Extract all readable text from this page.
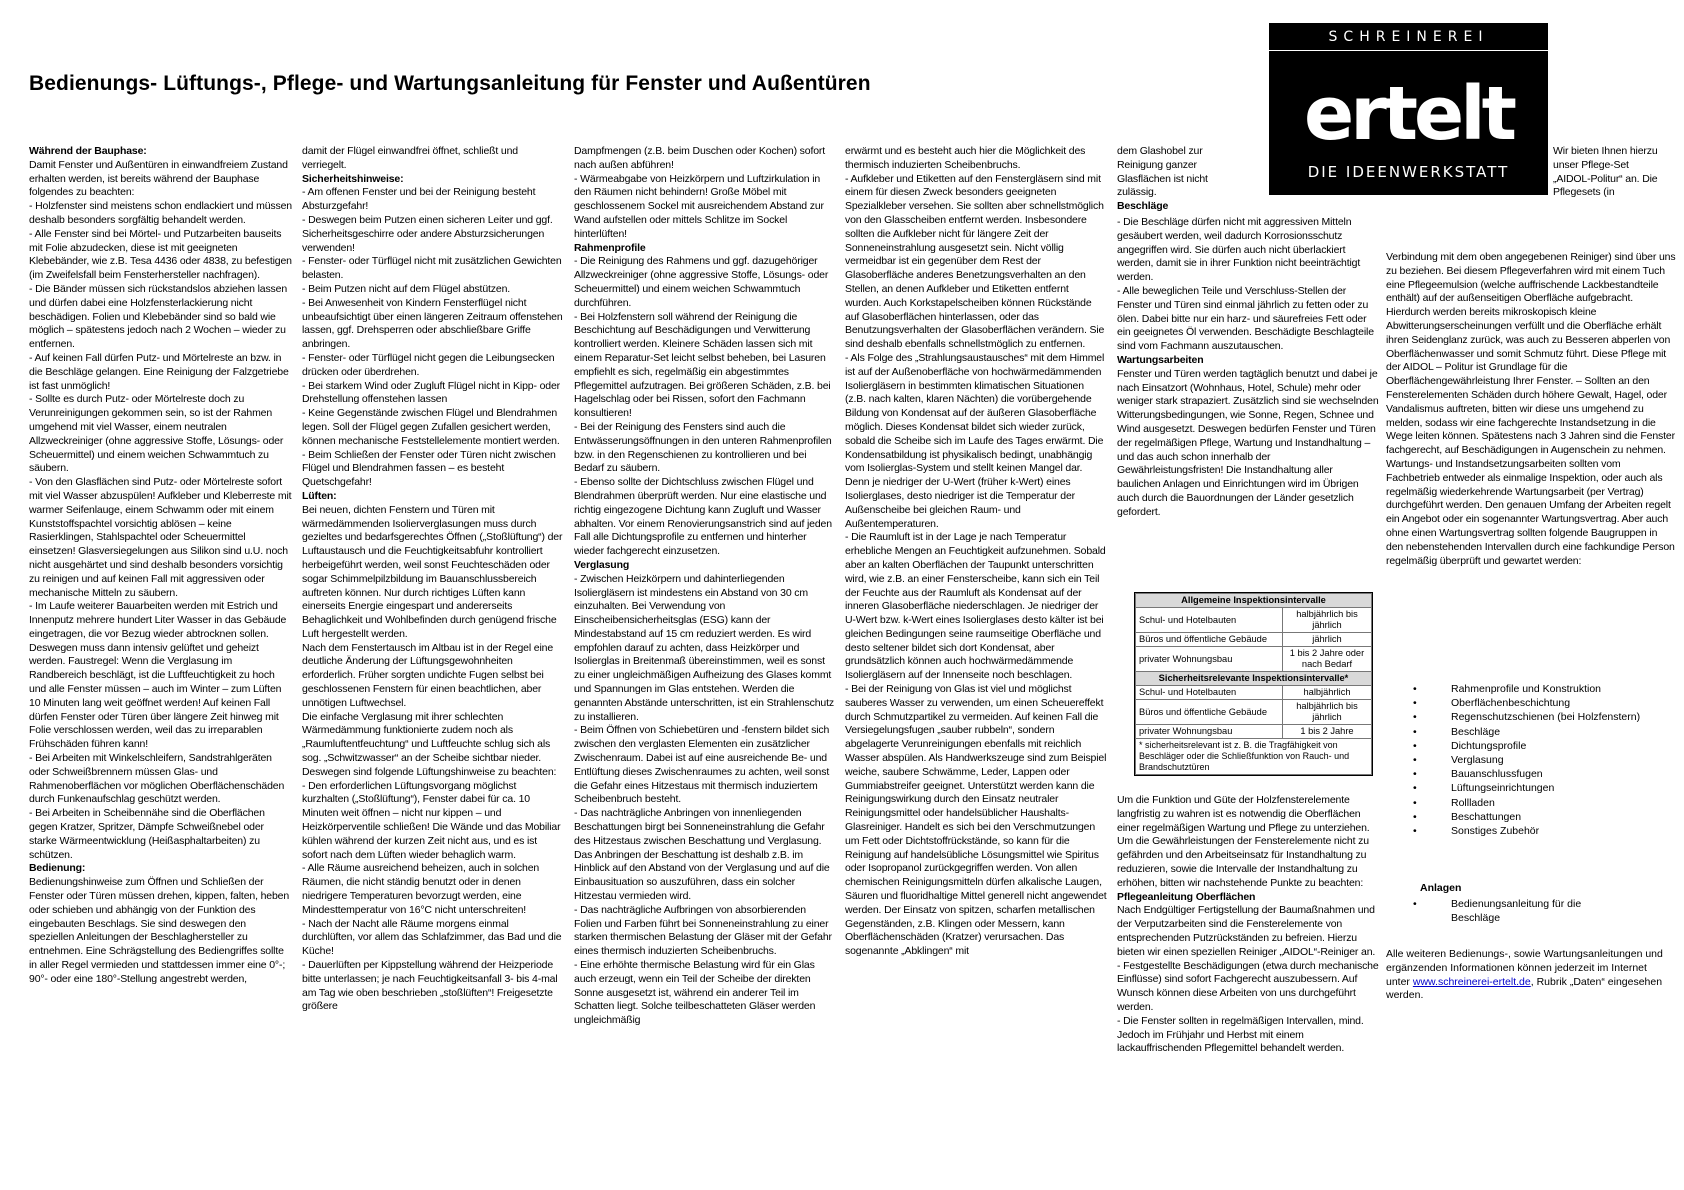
Bedienungs- Lüftungs-, Pflege- und Wartungsanleitung für Fenster und Außentüren
SCHREINEREI
ertelt
DIE IDEENWERKSTATT

Während der Bauphase:

Damit Fenster und Außentüren in einwandfreiem Zustand erhalten werden, ist bereits während der Bauphase folgendes zu beachten:

- Holzfenster sind meistens schon endlackiert und müssen deshalb besonders sorgfältig behandelt werden.

- Alle Fenster sind bei Mörtel- und Putzarbeiten bauseits mit Folie abzudecken, diese ist mit geeigneten Klebebänder, wie z.B. Tesa 4436 oder 4838, zu befestigen (im Zweifelsfall beim Fensterhersteller nachfragen).

- Die Bänder müssen sich rückstandslos abziehen lassen und dürfen dabei eine Holzfensterlackierung nicht beschädigen. Folien und Klebebänder sind so bald wie möglich – spätestens jedoch nach 2 Wochen – wieder zu entfernen.

- Auf keinen Fall dürfen Putz- und Mörtelreste an bzw. in die Beschläge gelangen. Eine Reinigung der Falzgetriebe ist fast unmöglich!

- Sollte es durch Putz- oder Mörtelreste doch zu Verunreinigungen gekommen sein, so ist der Rahmen umgehend mit viel Wasser, einem neutralen Allzweckreiniger (ohne aggressive Stoffe, Lösungs- oder Scheuermittel) und einem weichen Schwammtuch zu säubern.

- Von den Glasflächen sind Putz- oder Mörtelreste sofort mit viel Wasser abzuspülen! Aufkleber und Kleberreste mit warmer Seifenlauge, einem Schwamm oder mit einem Kunststoffspachtel vorsichtig ablösen – keine Rasierklingen, Stahlspachtel oder Scheuermittel einsetzen! Glasversiegelungen aus Silikon sind u.U. noch nicht ausgehärtet und sind deshalb besonders vorsichtig zu reinigen und auf keinen Fall mit aggressiven oder mechanische Mitteln zu säubern.

- Im Laufe weiterer Bauarbeiten werden mit Estrich und Innenputz mehrere hundert Liter Wasser in das Gebäude eingetragen, die vor Bezug wieder abtrocknen sollen. Deswegen muss dann intensiv gelüftet und geheizt werden. Faustregel: Wenn die Verglasung im Randbereich beschlägt, ist die Luftfeuchtigkeit zu hoch und alle Fenster müssen – auch im Winter – zum Lüften 10 Minuten lang weit geöffnet werden! Auf keinen Fall dürfen Fenster oder Türen über längere Zeit hinweg mit Folie verschlossen werden, weil das zu irreparablen Frühschäden führen kann!

- Bei Arbeiten mit Winkelschleifern, Sandstrahlgeräten oder Schweißbrennern müssen Glas- und Rahmenoberflächen vor möglichen Oberflächenschäden durch Funkenaufschlag geschützt werden.

- Bei Arbeiten in Scheibennähe sind die Oberflächen gegen Kratzer, Spritzer, Dämpfe Schweißnebel oder starke Wärmeentwicklung (Heißasphaltarbeiten) zu schützen.

Bedienung:

Bedienungshinweise zum Öffnen und Schließen der Fenster oder Türen müssen drehen, kippen, falten, heben oder schieben und abhängig von der Funktion des eingebauten Beschlags. Sie sind deswegen den speziellen Anleitungen der Beschlaghersteller zu entnehmen. Eine Schrägstellung des Bediengriffes sollte in aller Regel vermieden und stattdessen immer eine 0°-; 90°- oder eine 180°-Stellung angestrebt werden,

damit der Flügel einwandfrei öffnet, schließt und verriegelt.

Sicherheitshinweise:

- Am offenen Fenster und bei der Reinigung besteht Absturzgefahr!

- Deswegen beim Putzen einen sicheren Leiter und ggf. Sicherheitsgeschirre oder andere Absturzsicherungen verwenden!

- Fenster- oder Türflügel nicht mit zusätzlichen Gewichten belasten.

- Beim Putzen nicht auf dem Flügel abstützen.

- Bei Anwesenheit von Kindern Fensterflügel nicht unbeaufsichtigt über einen längeren Zeitraum offenstehen lassen, ggf. Drehsperren oder abschließbare Griffe anbringen.

- Fenster- oder Türflügel nicht gegen die Leibungsecken drücken oder überdrehen.

- Bei starkem Wind oder Zugluft Flügel nicht in Kipp- oder Drehstellung offenstehen lassen

- Keine Gegenstände zwischen Flügel und Blendrahmen legen. Soll der Flügel gegen Zufallen gesichert werden, können mechanische Feststellelemente montiert werden.

- Beim Schließen der Fenster oder Türen nicht zwischen Flügel und Blendrahmen fassen – es besteht Quetschgefahr!

Lüften:

Bei neuen, dichten Fenstern und Türen mit wärmedämmenden Isolierverglasungen muss durch gezieltes und bedarfsgerechtes Öffnen („Stoßlüftung“) der Luftaustausch und die Feuchtigkeitsabfuhr kontrolliert herbeigeführt werden, weil sonst Feuchteschäden oder sogar Schimmelpilzbildung im Bauanschlussbereich auftreten können. Nur durch richtiges Lüften kann einerseits Energie eingespart und andererseits Behaglichkeit und Wohlbefinden durch genügend frische Luft hergestellt werden.

Nach dem Fenstertausch im Altbau ist in der Regel eine deutliche Änderung der Lüftungsgewohnheiten erforderlich. Früher sorgten undichte Fugen selbst bei geschlossenen Fenstern für einen beachtlichen, aber unnötigen Luftwechsel.

Die einfache Verglasung mit ihrer schlechten Wärmedämmung funktionierte zudem noch als „Raumluftentfeuchtung“ und Luftfeuchte schlug sich als sog. „Schwitzwasser“ an der Scheibe sichtbar nieder. Deswegen sind folgende Lüftungshinweise zu beachten:

- Den erforderlichen Lüftungsvorgang möglichst kurzhalten („Stoßlüftung“), Fenster dabei für ca. 10 Minuten weit öffnen – nicht nur kippen – und Heizkörperventile schließen! Die Wände und das Mobiliar kühlen während der kurzen Zeit nicht aus, und es ist sofort nach dem Lüften wieder behaglich warm.

- Alle Räume ausreichend beheizen, auch in solchen Räumen, die nicht ständig benutzt oder in denen niedrigere Temperaturen bevorzugt werden, eine Mindesttemperatur von 16°C nicht unterschreiten!

- Nach der Nacht alle Räume morgens einmal durchlüften, vor allem das Schlafzimmer, das Bad und die Küche!

- Dauerlüften per Kippstellung während der Heizperiode bitte unterlassen; je nach Feuchtigkeitsanfall 3- bis 4-mal am Tag wie oben beschrieben „stoßlüften“! Freigesetzte größere

Dampfmengen (z.B. beim Duschen oder Kochen) sofort nach außen abführen!

- Wärmeabgabe von Heizkörpern und Luftzirkulation in den Räumen nicht behindern! Große Möbel mit geschlossenem Sockel mit ausreichendem Abstand zur Wand aufstellen oder mittels Schlitze im Sockel hinterlüften!

Rahmenprofile

- Die Reinigung des Rahmens und ggf. dazugehöriger Allzweckreiniger (ohne aggressive Stoffe, Lösungs- oder Scheuermittel) und einem weichen Schwammtuch durchführen.

- Bei Holzfenstern soll während der Reinigung die Beschichtung auf Beschädigungen und Verwitterung kontrolliert werden. Kleinere Schäden lassen sich mit einem Reparatur-Set leicht selbst beheben, bei Lasuren empfiehlt es sich, regelmäßig ein abgestimmtes Pflegemittel aufzutragen. Bei größeren Schäden, z.B. bei Hagelschlag oder bei Rissen, sofort den Fachmann konsultieren!

- Bei der Reinigung des Fensters sind auch die Entwässerungsöffnungen in den unteren Rahmenprofilen bzw. in den Regenschienen zu kontrollieren und bei Bedarf zu säubern.

- Ebenso sollte der Dichtschluss zwischen Flügel und Blendrahmen überprüft werden. Nur eine elastische und richtig eingezogene Dichtung kann Zugluft und Wasser abhalten. Vor einem Renovierungsanstrich sind auf jeden Fall alle Dichtungsprofile zu entfernen und hinterher wieder fachgerecht einzusetzen.

Verglasung

- Zwischen Heizkörpern und dahinterliegenden Isoliergläsern ist mindestens ein Abstand von 30 cm einzuhalten. Bei Verwendung von Einscheibensicherheitsglas (ESG) kann der Mindestabstand auf 15 cm reduziert werden. Es wird empfohlen darauf zu achten, dass Heizkörper und Isolierglas in Breitenmaß übereinstimmen, weil es sonst zu einer ungleichmäßigen Aufheizung des Glases kommt und Spannungen im Glas entstehen. Werden die genannten Abstände unterschritten, ist ein Strahlenschutz zu installieren.

- Beim Öffnen von Schiebetüren und -fenstern bildet sich zwischen den verglasten Elementen ein zusätzlicher Zwischenraum. Dabei ist auf eine ausreichende Be- und Entlüftung dieses Zwischenraumes zu achten, weil sonst die Gefahr eines Hitzestaus mit thermisch induziertem Scheibenbruch besteht.

- Das nachträgliche Anbringen von innenliegenden Beschattungen birgt bei Sonneneinstrahlung die Gefahr des Hitzestaus zwischen Beschattung und Verglasung. Das Anbringen der Beschattung ist deshalb z.B. im Hinblick auf den Abstand von der Verglasung und auf die Einbausituation so auszuführen, dass ein solcher Hitzestau vermieden wird.

- Das nachträgliche Aufbringen von absorbierenden Folien und Farben führt bei Sonneneinstrahlung zu einer starken thermischen Belastung der Gläser mit der Gefahr eines thermisch induzierten Scheibenbruchs.

- Eine erhöhte thermische Belastung wird für ein Glas auch erzeugt, wenn ein Teil der Scheibe der direkten Sonne ausgesetzt ist, während ein anderer Teil im Schatten liegt. Solche teilbeschatteten Gläser werden ungleichmäßig

erwärmt und es besteht auch hier die Möglichkeit des thermisch induzierten Scheibenbruchs.

- Aufkleber und Etiketten auf den Fenstergläsern sind mit einem für diesen Zweck besonders geeigneten Spezialkleber versehen. Sie sollten aber schnellstmöglich von den Glasscheiben entfernt werden. Insbesondere sollten die Aufkleber nicht für längere Zeit der Sonneneinstrahlung ausgesetzt sein. Nicht völlig vermeidbar ist ein gegenüber dem Rest der Glasoberfläche anderes Benetzungsverhalten an den Stellen, an denen Aufkleber und Etiketten entfernt wurden. Auch Korkstapelscheiben können Rückstände auf Glasoberflächen hinterlassen, oder das Benutzungsverhalten der Glasoberflächen verändern. Sie sind deshalb ebenfalls schnellstmöglich zu entfernen.

- Als Folge des „Strahlungsaustausches“ mit dem Himmel ist auf der Außenoberfläche von hochwärmedämmenden Isoliergläsern in bestimmten klimatischen Situationen (z.B. nach kalten, klaren Nächten) die vorübergehende Bildung von Kondensat auf der äußeren Glasoberfläche möglich. Dieses Kondensat bildet sich wieder zurück, sobald die Scheibe sich im Laufe des Tages erwärmt. Die Kondensatbildung ist physikalisch bedingt, unabhängig vom Isolierglas-System und stellt keinen Mangel dar. Denn je niedriger der U-Wert (früher k-Wert) eines Isolierglases, desto niedriger ist die Temperatur der Außenscheibe bei gleichen Raum- und Außentemperaturen.

- Die Raumluft ist in der Lage je nach Temperatur erhebliche Mengen an Feuchtigkeit aufzunehmen. Sobald aber an kalten Oberflächen der Taupunkt unterschritten wird, wie z.B. an einer Fensterscheibe, kann sich ein Teil der Feuchte aus der Raumluft als Kondensat auf der inneren Glasoberfläche niederschlagen. Je niedriger der U-Wert bzw. k-Wert eines Isolierglases desto kälter ist bei gleichen Bedingungen seine raumseitige Oberfläche und desto seltener bildet sich dort Kondensat, aber grundsätzlich können auch hochwärmedämmende Isoliergläsern auf der Innenseite noch beschlagen.

- Bei der Reinigung von Glas ist viel und möglichst sauberes Wasser zu verwenden, um einen Scheuereffekt durch Schmutzpartikel zu vermeiden. Auf keinen Fall die Versiegelungsfugen „sauber rubbeln“, sondern abgelagerte Verunreinigungen ebenfalls mit reichlich Wasser abspülen. Als Handwerkszeuge sind zum Beispiel weiche, saubere Schwämme, Leder, Lappen oder Gummiabstreifer geeignet. Unterstützt werden kann die Reinigungswirkung durch den Einsatz neutraler Reinigungsmittel oder handelsüblicher Haushalts-Glasreiniger. Handelt es sich bei den Verschmutzungen um Fett oder Dichtstoffrückstände, so kann für die Reinigung auf handelsübliche Lösungsmittel wie Spiritus oder Isopropanol zurückgegriffen werden. Von allen chemischen Reinigungsmitteln dürfen alkalische Laugen, Säuren und fluoridhaltige Mittel generell nicht angewendet werden. Der Einsatz von spitzen, scharfen metallischen Gegenständen, z.B. Klingen oder Messern, kann Oberflächenschäden (Kratzer) verursachen. Das sogenannte „Abklingen“ mit

dem Glashobel zur Reinigung ganzer Glasflächen ist nicht zulässig.

Beschläge

- Die Beschläge dürfen nicht mit aggressiven Mitteln gesäubert werden, weil dadurch Korrosionsschutz angegriffen wird. Sie dürfen auch nicht überlackiert werden, damit sie in ihrer Funktion nicht beeinträchtigt werden.

- Alle beweglichen Teile und Verschluss-Stellen der Fenster und Türen sind einmal jährlich zu fetten oder zu ölen. Dabei bitte nur ein harz- und säurefreies Fett oder ein geeignetes Öl verwenden. Beschädigte Beschlagteile sind vom Fachmann auszutauschen.

Wartungsarbeiten

Fenster und Türen werden tagtäglich benutzt und dabei je nach Einsatzort (Wohnhaus, Hotel, Schule) mehr oder weniger stark strapaziert. Zusätzlich sind sie wechselnden Witterungsbedingungen, wie Sonne, Regen, Schnee und Wind ausgesetzt. Deswegen bedürfen Fenster und Türen der regelmäßigen Pflege, Wartung und Instandhaltung – und das auch schon innerhalb der Gewährleistungsfristen! Die Instandhaltung aller baulichen Anlagen und Einrichtungen wird im Übrigen auch durch die Bauordnungen der Länder gesetzlich gefordert.

Allgemeine Inspektionsintervalle	
Schul- und Hotelbauten	halbjährlich bis jährlich
Büros und öffentliche Gebäude	jährlich
privater Wohnungsbau	1 bis 2 Jahre oder nach Bedarf
Sicherheitsrelevante Inspektionsintervalle*	
Schul- und Hotelbauten	halbjährlich
Büros und öffentliche Gebäude	halbjährlich bis jährlich
privater Wohnungsbau	1 bis 2 Jahre
* sicherheitsrelevant ist z. B. die Tragfähigkeit von Beschläger oder die Schließfunktion von Rauch- und Brandschutztüren	

Um die Funktion und Güte der Holzfensterelemente langfristig zu wahren ist es notwendig die Oberflächen einer regelmäßigen Wartung und Pflege zu unterziehen. Um die Gewährleistungen der Fensterelemente nicht zu gefährden und den Arbeitseinsatz für Instandhaltung zu reduzieren, sowie die Intervalle der Instandhaltung zu erhöhen, bitten wir nachstehende Punkte zu beachten:

Pflegeanleitung Oberflächen

Nach Endgültiger Fertigstellung der Baumaßnahmen und der Verputzarbeiten sind die Fensterelemente von entsprechenden Putzrückständen zu befreien. Hierzu bieten wir einen speziellen Reiniger „AIDOL“-Reiniger an.

- Festgestellte Beschädigungen (etwa durch mechanische Einflüsse) sind sofort Fachgerecht auszubessern. Auf Wunsch können diese Arbeiten von uns durchgeführt werden.

- Die Fenster sollten in regelmäßigen Intervallen, mind. Jedoch im Frühjahr und Herbst mit einem lackauffrischenden Pflegemittel behandelt werden.

Wir bieten Ihnen hierzu unser Pflege-Set „AIDOL-Politur“ an. Die Pflegesets (in

Verbindung mit dem oben angegebenen Reiniger) sind über uns zu beziehen. Bei diesem Pflegeverfahren wird mit einem Tuch eine Pflegeemulsion (welche auffrischende Lackbestandteile enthält) auf der außenseitigen Oberfläche aufgebracht. Hierdurch werden bereits mikroskopisch kleine Abwitterungserscheinungen verfüllt und die Oberfläche erhält ihren Seidenglanz zurück, was auch zu Besseren abperlen von Oberflächenwasser und somit Schmutz führt. Diese Pflege mit der AIDOL – Politur ist Grundlage für die Oberflächengewährleistung Ihrer Fenster. – Sollten an den Fensterelementen Schäden durch höhere Gewalt, Hagel, oder Vandalismus auftreten, bitten wir diese uns umgehend zu melden, sodass wir eine fachgerechte Instandsetzung in die Wege leiten können. Spätestens nach 3 Jahren sind die Fenster fachgerecht, auf Beschädigungen in Augenschein zu nehmen. Wartungs- und Instandsetzungsarbeiten sollten vom Fachbetrieb entweder als einmalige Inspektion, oder auch als regelmäßig wiederkehrende Wartungsarbeit (per Vertrag) durchgeführt werden. Den genauen Umfang der Arbeiten regelt ein Angebot oder ein sogenannter Wartungsvertrag. Aber auch ohne einen Wartungsvertrag sollten folgende Baugruppen in den nebenstehenden Intervallen durch eine fachkundige Person regelmäßig überprüft und gewartet werden:

• Rahmenprofile und Konstruktion
• Oberflächenbeschichtung
• Regenschutzschienen (bei Holzfenstern)
• Beschläge
• Dichtungsprofile
• Verglasung
• Bauanschlussfugen
• Lüftungseinrichtungen
• Rollladen
• Beschattungen
• Sonstiges Zubehör
Anlagen
• Bedienungsanleitung für die Beschläge
Alle weiteren Bedienungs-, sowie Wartungsanleitungen und ergänzenden Informationen können jederzeit im Internet unter www.schreinerei-ertelt.de, Rubrik „Daten“ eingesehen werden.
